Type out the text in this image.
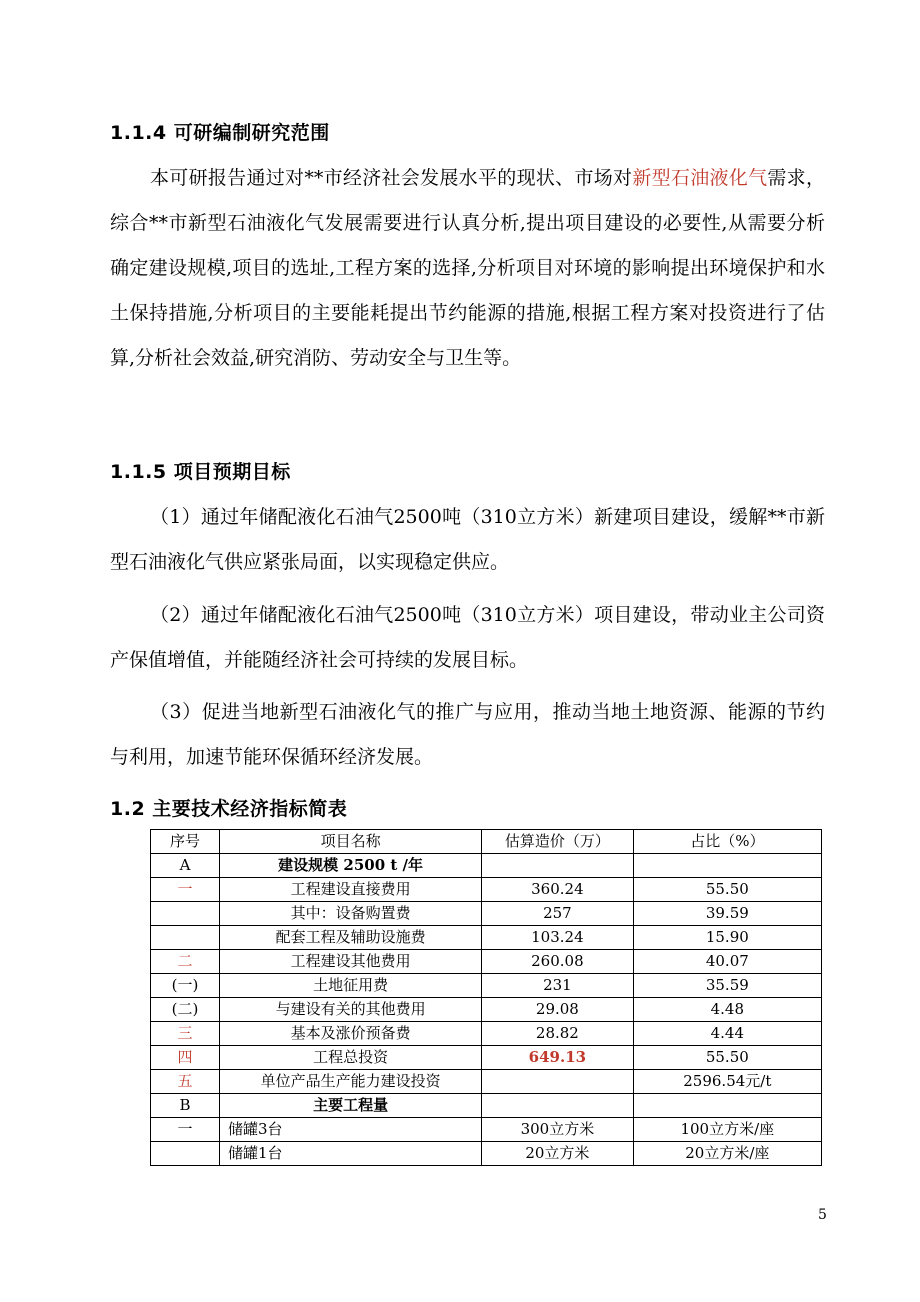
1.1.4 可研编制研究范围

本可研报告通过对**市经济社会发展水平的现状、市场对新型石油液化气需求，综合**市新型石油液化气发展需要进行认真分析,提出项目建设的必要性,从需要分析确定建设规模,项目的选址,工程方案的选择,分析项目对环境的影响提出环境保护和水土保持措施,分析项目的主要能耗提出节约能源的措施,根据工程方案对投资进行了估算,分析社会效益,研究消防、劳动安全与卫生等。

1.1.5 项目预期目标

（1）通过年储配液化石油气2500吨（310立方米）新建项目建设，缓解**市新型石油液化气供应紧张局面，以实现稳定供应。

（2）通过年储配液化石油气2500吨（310立方米）项目建设，带动业主公司资产保值增值，并能随经济社会可持续的发展目标。

（3）促进当地新型石油液化气的推广与应用，推动当地土地资源、能源的节约与利用，加速节能环保循环经济发展。

1.2 主要技术经济指标简表
序号	项目名称	估算造价（万）	占比（%）
A	建设规模 2500 t /年		
一	工程建设直接费用	360.24	55.50
	其中：设备购置费	257	39.59
	配套工程及辅助设施费	103.24	15.90
二	工程建设其他费用	260.08	40.07
(一)	土地征用费	231	35.59
(二)	与建设有关的其他费用	29.08	4.48
三	基本及涨价预备费	28.82	4.44
四	工程总投资	649.13	55.50
五	单位产品生产能力建设投资		2596.54元/t
B	主要工程量		
一	储罐3台	300立方米	100立方米/座
	储罐1台	20立方米	20立方米/座
5
